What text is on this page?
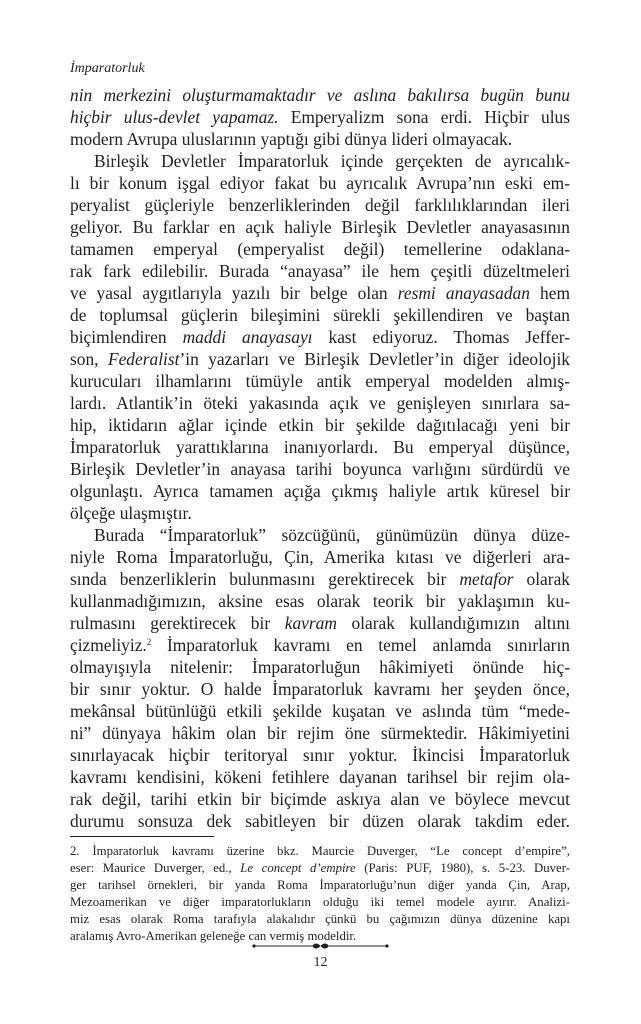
İmparatorluk
nin merkezini oluşturmamaktadır ve aslına bakılırsa bugün bunu
hiçbir ulus-devlet yapamaz. Emperyalizm sona erdi. Hiçbir ulus
modern Avrupa uluslarının yaptığı gibi dünya lideri olmayacak.
Birleşik Devletler İmparatorluk içinde gerçekten de ayrıcalık-
lı bir konum işgal ediyor fakat bu ayrıcalık Avrupa’nın eski em-
peryalist güçleriyle benzerliklerinden değil farklılıklarından ileri
geliyor. Bu farklar en açık haliyle Birleşik Devletler anayasasının
tamamen emperyal (emperyalist değil) temellerine odaklana-
rak fark edilebilir. Burada “anayasa” ile hem çeşitli düzeltmeleri
ve yasal aygıtlarıyla yazılı bir belge olan resmi anayasadan hem
de toplumsal güçlerin bileşimini sürekli şekillendiren ve baştan
biçimlendiren maddi anayasayı kast ediyoruz. Thomas Jeffer-
son, Federalist’in yazarları ve Birleşik Devletler’in diğer ideolojik
kurucuları ilhamlarını tümüyle antik emperyal modelden almış-
lardı. Atlantik’in öteki yakasında açık ve genişleyen sınırlara sa-
hip, iktidarın ağlar içinde etkin bir şekilde dağıtılacağı yeni bir
İmparatorluk yarattıklarına inanıyorlardı. Bu emperyal düşünce,
Birleşik Devletler’in anayasa tarihi boyunca varlığını sürdürdü ve
olgunlaştı. Ayrıca tamamen açığa çıkmış haliyle artık küresel bir
ölçeğe ulaşmıştır.
Burada “İmparatorluk” sözcüğünü, günümüzün dünya düze-
niyle Roma İmparatorluğu, Çin, Amerika kıtası ve diğerleri ara-
sında benzerliklerin bulunmasını gerektirecek bir metafor olarak
kullanmadığımızın, aksine esas olarak teorik bir yaklaşımın ku-
rulmasını gerektirecek bir kavram olarak kullandığımızın altını
çizmeliyiz.$^2$ İmparatorluk kavramı en temel anlamda sınırların
olmayışıyla nitelenir: İmparatorluğun hâkimiyeti önünde hiç-
bir sınır yoktur. O halde İmparatorluk kavramı her şeyden önce,
mekânsal bütünlüğü etkili şekilde kuşatan ve aslında tüm “mede-
ni” dünyaya hâkim olan bir rejim öne sürmektedir. Hâkimiyetini
sınırlayacak hiçbir teritoryal sınır yoktur. İkincisi İmparatorluk
kavramı kendisini, kökeni fetihlere dayanan tarihsel bir rejim ola-
rak değil, tarihi etkin bir biçimde askıya alan ve böylece mevcut
durumu sonsuza dek sabitleyen bir düzen olarak takdim eder.
2. İmparatorluk kavramı üzerine bkz. Maurcie Duverger, “Le concept d’empire”,
eser: Maurice Duverger, ed., Le concept d’empire (Paris: PUF, 1980), s. 5-23. Duver-
ger tarihsel örnekleri, bir yanda Roma İmparatorluğu’nun diğer yanda Çin, Arap,
Mezoamerikan ve diğer imparatorlukların olduğu iki temel modele ayırır. Analizi-
miz esas olarak Roma tarafıyla alakalıdır çünkü bu çağımızın dünya düzenine kapı
aralamış Avro-Amerikan geleneğe can vermiş modeldir.
12
